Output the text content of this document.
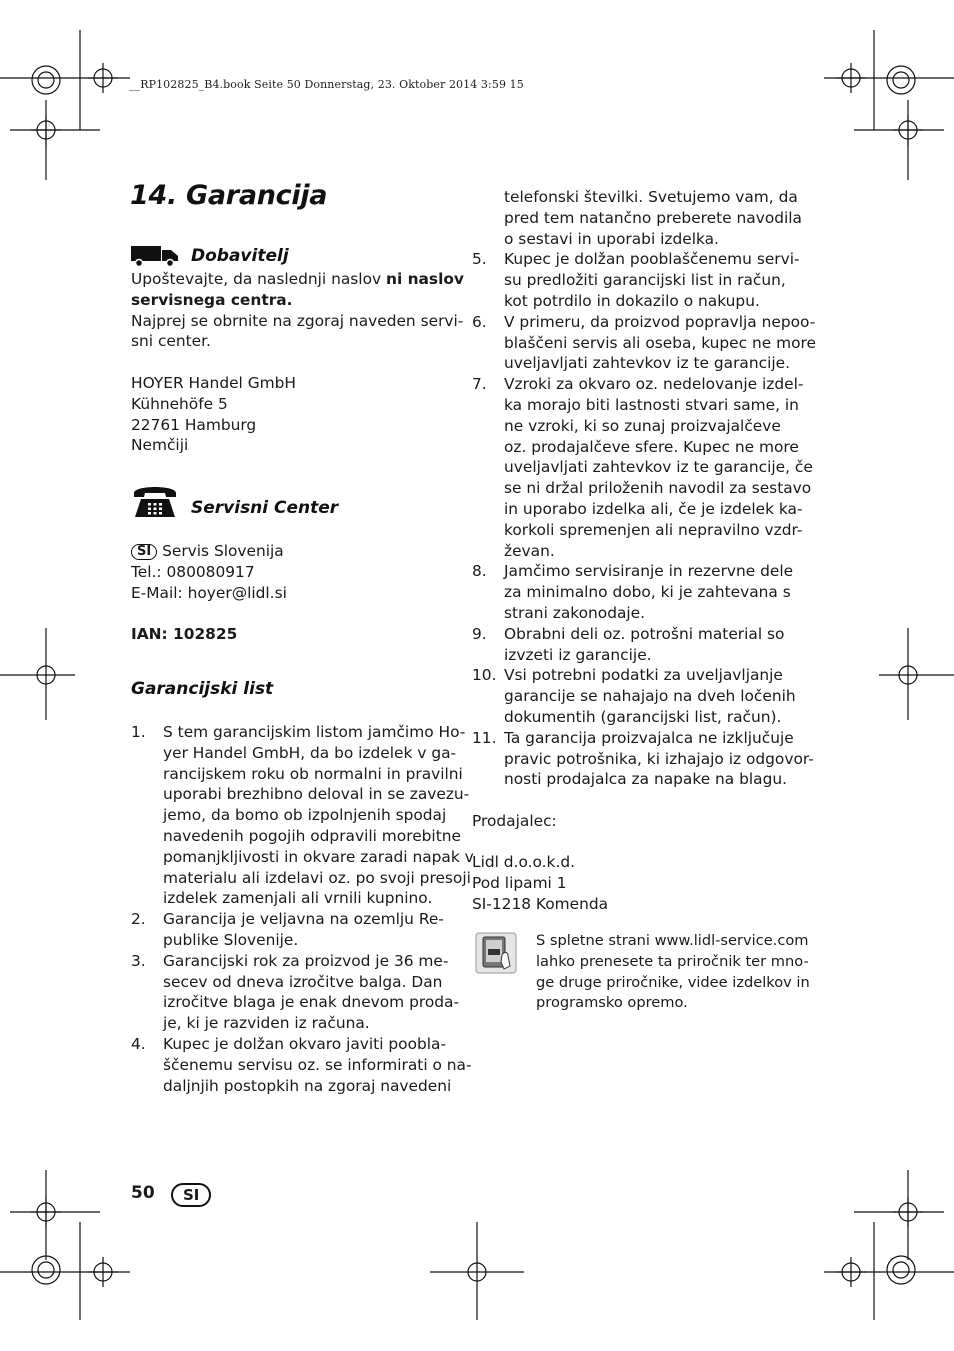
__RP102825_B4.book Seite 50 Donnerstag, 23. Oktober 2014 3:59 15
14. Garancija
Dobavitelj
Upoštevajte, da naslednji naslov ni naslov
servisnega centra.
Najprej se obrnite na zgoraj naveden servi-
sni center.
HOYER Handel GmbH
Kühnehöfe 5
22761 Hamburg
Nemčiji
Servisni Center
SI Servis Slovenija
Tel.: 080080917
E-Mail: hoyer@lidl.si
IAN: 102825
Garancijski list
1. S tem garancijskim listom jamčimo Ho-
yer Handel GmbH, da bo izdelek v ga-
rancijskem roku ob normalni in pravilni
uporabi brezhibno deloval in se zavezu-
jemo, da bomo ob izpolnjenih spodaj
navedenih pogojih odpravili morebitne
pomanjkljivosti in okvare zaradi napak v
materialu ali izdelavi oz. po svoji presoji
izdelek zamenjali ali vrnili kupnino.
2. Garancija je veljavna na ozemlju Re-
publike Slovenije.
3. Garancijski rok za proizvod je 36 me-
secev od dneva izročitve balga. Dan
izročitve blaga je enak dnevom proda-
je, ki je razviden iz računa.
4. Kupec je dolžan okvaro javiti poobla-
ščenemu servisu oz. se informirati o na-
daljnjih postopkih na zgoraj navedeni
telefonski številki. Svetujemo vam, da
pred tem natančno preberete navodila
o sestavi in uporabi izdelka.
5. Kupec je dolžan pooblaščenemu servi-
su predložiti garancijski list in račun,
kot potrdilo in dokazilo o nakupu.
6. V primeru, da proizvod popravlja nepoo-
blaščeni servis ali oseba, kupec ne more
uveljavljati zahtevkov iz te garancije.
7. Vzroki za okvaro oz. nedelovanje izdel-
ka morajo biti lastnosti stvari same, in
ne vzroki, ki so zunaj proizvajalčeve
oz. prodajalčeve sfere. Kupec ne more
uveljavljati zahtevkov iz te garancije, če
se ni držal priloženih navodil za sestavo
in uporabo izdelka ali, če je izdelek ka-
korkoli spremenjen ali nepravilno vzdr-
ževan.
8. Jamčimo servisiranje in rezervne dele
za minimalno dobo, ki je zahtevana s
strani zakonodaje.
9. Obrabni deli oz. potrošni material so
izvzeti iz garancije.
10. Vsi potrebni podatki za uveljavljanje
garancije se nahajajo na dveh ločenih
dokumentih (garancijski list, račun).
11. Ta garancija proizvajalca ne izključuje
pravic potrošnika, ki izhajajo iz odgovor-
nosti prodajalca za napake na blagu.
Prodajalec:
Lidl d.o.o.k.d.
Pod lipami 1
SI-1218 Komenda
S spletne strani www.lidl-service.com
lahko prenesete ta priročnik ter mno-
ge druge priročnike, videe izdelkov in
programsko opremo.
50	SI
